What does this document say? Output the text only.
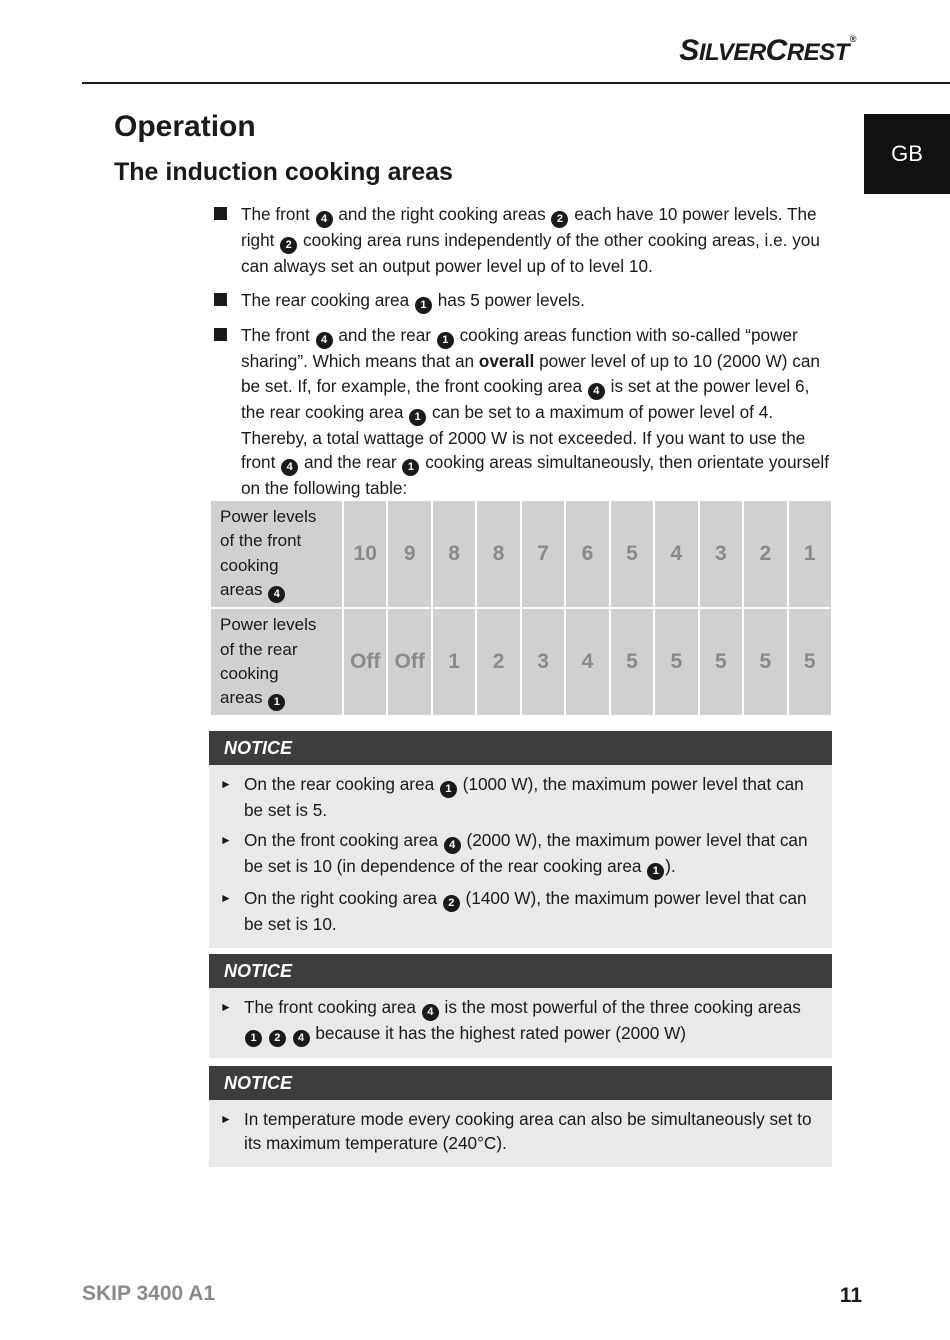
SILVERCREST®
GB
Operation
The induction cooking areas
The front 4 and the right cooking areas 2 each have 10 power levels. The right 2 cooking area runs independently of the other cooking areas, i.e. you can always set an output power level up of to level 10.
The rear cooking area 1 has 5 power levels.
The front 4 and the rear 1 cooking areas function with so-called “power sharing”. Which means that an overall power level of up to 10 (2000 W) can be set. If, for example, the front cooking area 4 is set at the power level 6, the rear cooking area 1 can be set to a maximum of power level of 4. Thereby, a total wattage of 2000 W is not exceeded. If you want to use the front 4 and the rear 1 cooking areas simultaneously, then orientate yourself on the following table:
Power levels
of the front
cooking
areas 4	10	9	8	8	7	6	5	4	3	2	1
Power levels
of the rear
cooking
areas 1	Off	Off	1	2	3	4	5	5	5	5	5
NOTICE
► On the rear cooking area 1 (1000 W), the maximum power level that can be set is 5.
► On the front cooking area 4 (2000 W), the maximum power level that can be set is 10 (in dependence of the rear cooking area 1 ).
► On the right cooking area 2 (1400 W), the maximum power level that can be set is 10.
NOTICE
► The front cooking area 4 is the most powerful of the three cooking areas 1 2 4 because it has the highest rated power (2000 W)
NOTICE
► In temperature mode every cooking area can also be simultaneously set to its maximum temperature (240°C).
SKIP 3400 A1	11
